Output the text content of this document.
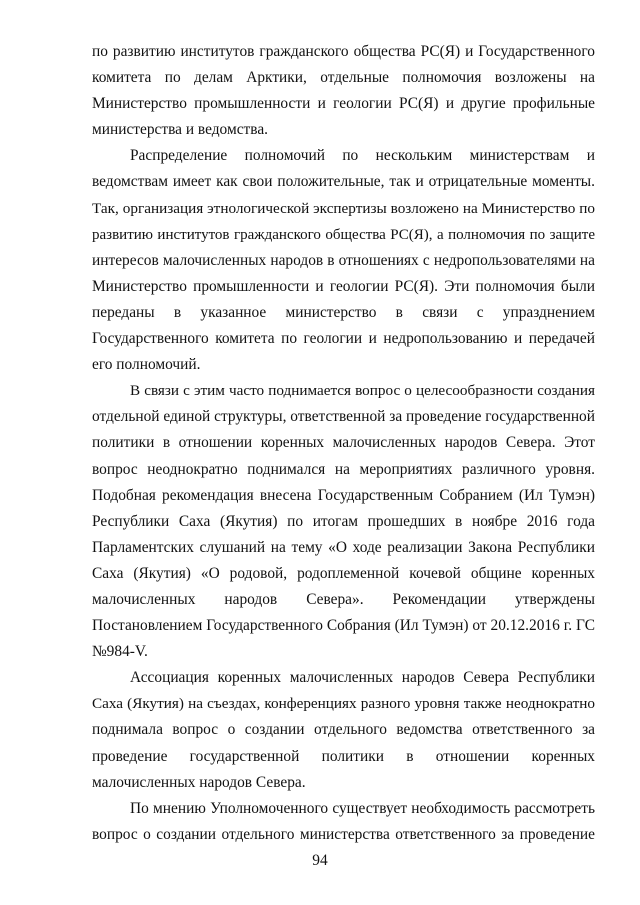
по развитию институтов гражданского общества РС(Я) и Государственного
комитета по делам Арктики, отдельные полномочия возложены на
Министерство промышленности и геологии РС(Я) и другие профильные
министерства и ведомства.
Распределение полномочий по нескольким министерствам и
ведомствам имеет как свои положительные, так и отрицательные моменты.
Так, организация этнологической экспертизы возложено на Министерство по
развитию институтов гражданского общества РС(Я), а полномочия по защите
интересов малочисленных народов в отношениях с недропользователями на
Министерство промышленности и геологии РС(Я). Эти полномочия были
переданы в указанное министерство в связи с упразднением
Государственного комитета по геологии и недропользованию и передачей
его полномочий.
В связи с этим часто поднимается вопрос о целесообразности создания
отдельной единой структуры, ответственной за проведение государственной
политики в отношении коренных малочисленных народов Севера. Этот
вопрос неоднократно поднимался на мероприятиях различного уровня.
Подобная рекомендация внесена Государственным Собранием (Ил Тумэн)
Республики Саха (Якутия) по итогам прошедших в ноябре 2016 года
Парламентских слушаний на тему «О ходе реализации Закона Республики
Саха (Якутия) «О родовой, родоплеменной кочевой общине коренных
малочисленных народов Севера». Рекомендации утверждены
Постановлением Государственного Собрания (Ил Тумэн) от 20.12.2016 г. ГС
№984-V.
Ассоциация коренных малочисленных народов Севера Республики
Саха (Якутия) на съездах, конференциях разного уровня также неоднократно
поднимала вопрос о создании отдельного ведомства ответственного за
проведение государственной политики в отношении коренных
малочисленных народов Севера.
По мнению Уполномоченного существует необходимость рассмотреть
вопрос о создании отдельного министерства ответственного за проведение
94
